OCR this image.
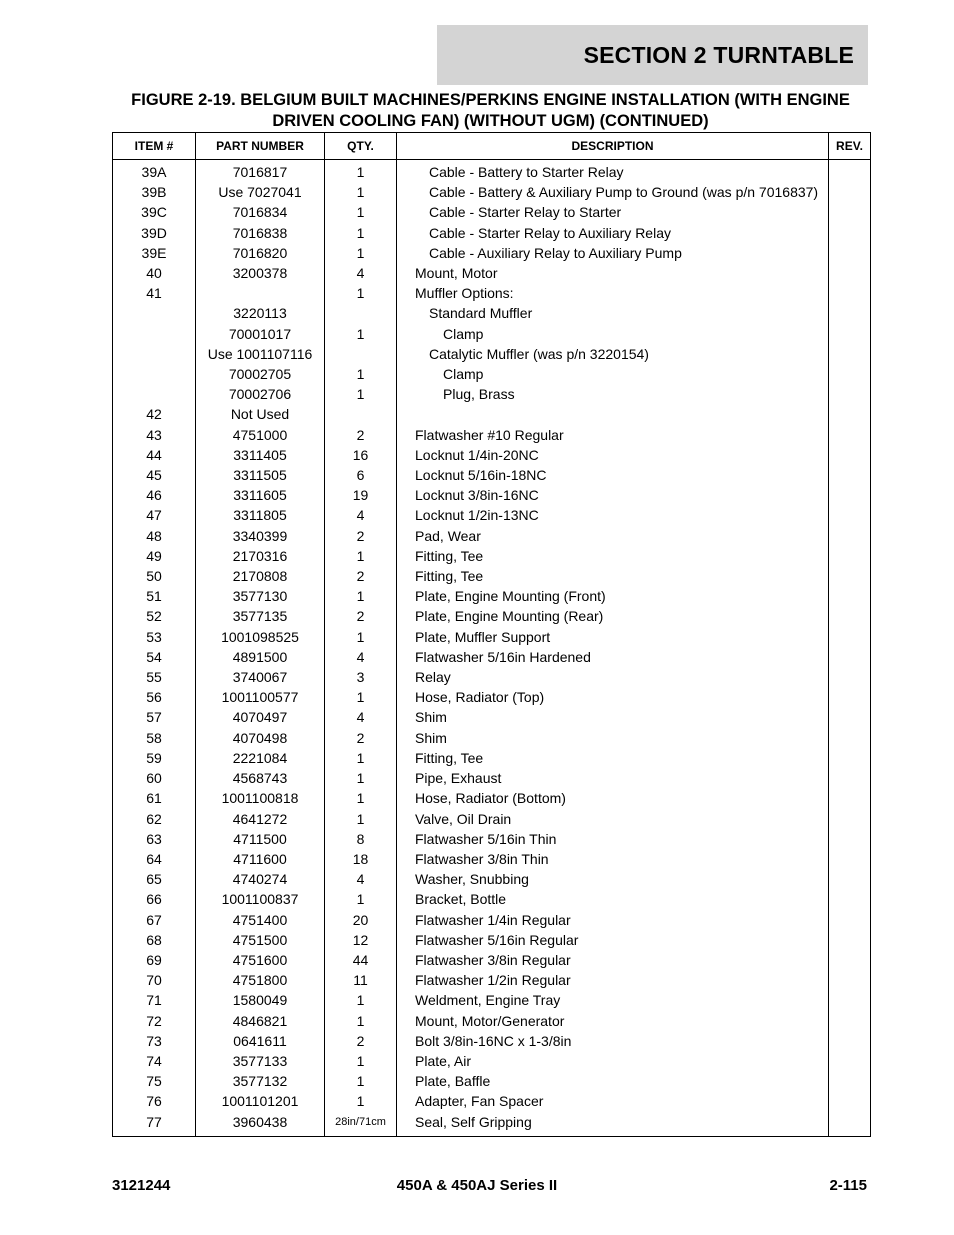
SECTION 2 TURNTABLE
FIGURE 2-19. BELGIUM BUILT MACHINES/PERKINS ENGINE INSTALLATION (WITH ENGINE
DRIVEN COOLING FAN) (WITHOUT UGM) (CONTINUED)
ITEM #	PART NUMBER	QTY.	DESCRIPTION	REV.
39A	7016817	1	Cable - Battery to Starter Relay	
39B	Use 7027041	1	Cable - Battery & Auxiliary Pump to Ground (was p/n 7016837)	
39C	7016834	1	Cable - Starter Relay to Starter	
39D	7016838	1	Cable - Starter Relay to Auxiliary Relay	
39E	7016820	1	Cable - Auxiliary Relay to Auxiliary Pump	
40	3200378	4	Mount, Motor	
41		1	Muffler Options:	
	3220113		Standard Muffler	
	70001017	1	Clamp	
	Use 1001107116		Catalytic Muffler (was p/n 3220154)	
	70002705	1	Clamp	
	70002706	1	Plug, Brass	
42	Not Used			
43	4751000	2	Flatwasher #10 Regular	
44	3311405	16	Locknut 1/4in-20NC	
45	3311505	6	Locknut 5/16in-18NC	
46	3311605	19	Locknut 3/8in-16NC	
47	3311805	4	Locknut 1/2in-13NC	
48	3340399	2	Pad, Wear	
49	2170316	1	Fitting, Tee	
50	2170808	2	Fitting, Tee	
51	3577130	1	Plate, Engine Mounting (Front)	
52	3577135	2	Plate, Engine Mounting (Rear)	
53	1001098525	1	Plate, Muffler Support	
54	4891500	4	Flatwasher 5/16in Hardened	
55	3740067	3	Relay	
56	1001100577	1	Hose, Radiator (Top)	
57	4070497	4	Shim	
58	4070498	2	Shim	
59	2221084	1	Fitting, Tee	
60	4568743	1	Pipe, Exhaust	
61	1001100818	1	Hose, Radiator (Bottom)	
62	4641272	1	Valve, Oil Drain	
63	4711500	8	Flatwasher 5/16in Thin	
64	4711600	18	Flatwasher 3/8in Thin	
65	4740274	4	Washer, Snubbing	
66	1001100837	1	Bracket, Bottle	
67	4751400	20	Flatwasher 1/4in Regular	
68	4751500	12	Flatwasher 5/16in Regular	
69	4751600	44	Flatwasher 3/8in Regular	
70	4751800	11	Flatwasher 1/2in Regular	
71	1580049	1	Weldment, Engine Tray	
72	4846821	1	Mount, Motor/Generator	
73	0641611	2	Bolt 3/8in-16NC x 1-3/8in	
74	3577133	1	Plate, Air	
75	3577132	1	Plate, Baffle	
76	1001101201	1	Adapter, Fan Spacer	
77	3960438	28in/71cm	Seal, Self Gripping	
3121244	450A & 450AJ Series II	2-115
